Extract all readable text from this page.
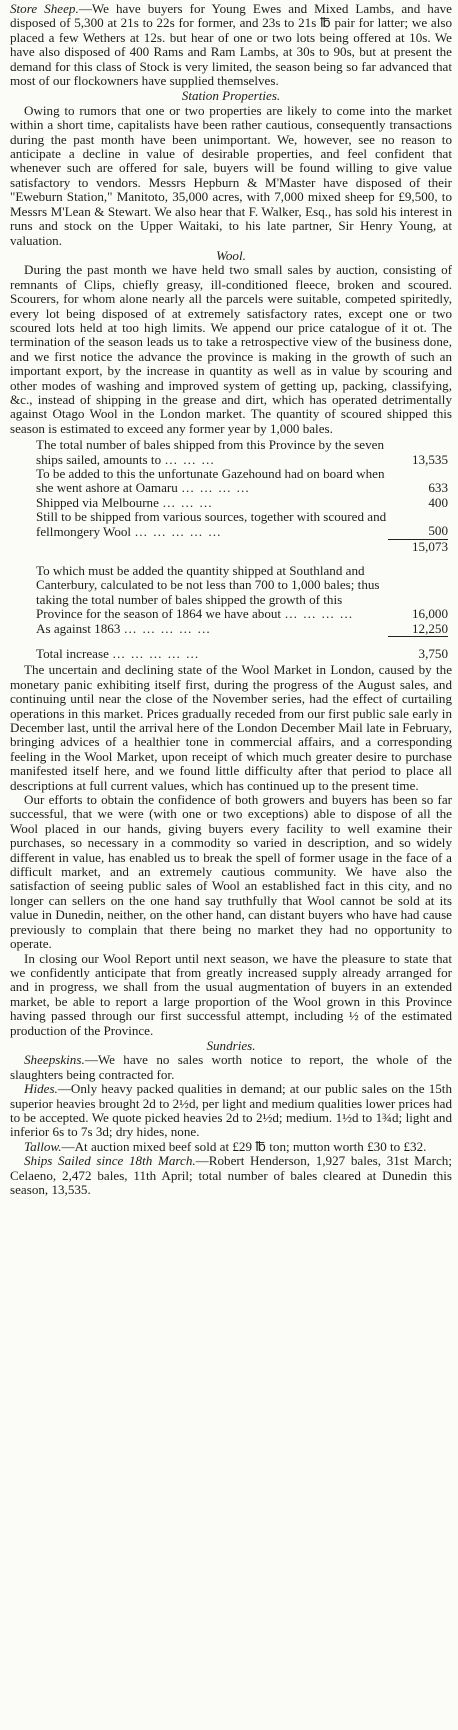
Store Sheep.—We have buyers for Young Ewes and Mixed Lambs, and have disposed of 5,300 at 21s to 22s for former, and 23s to 21s ℔ pair for latter; we also placed a few Wethers at 12s. but hear of one or two lots being offered at 10s. We have also disposed of 400 Rams and Ram Lambs, at 30s to 90s, but at present the demand for this class of Stock is very limited, the season being so far advanced that most of our flockowners have supplied themselves.

Station Properties.

Owing to rumors that one or two properties are likely to come into the market within a short time, capitalists have been rather cautious, consequently transactions during the past month have been unimportant. We, however, see no reason to anticipate a decline in value of desirable properties, and feel confident that whenever such are offered for sale, buyers will be found willing to give value satisfactory to vendors. Messrs Hepburn & M'Master have disposed of their "Eweburn Station," Manitoto, 35,000 acres, with 7,000 mixed sheep for £9,500, to Messrs M'Lean & Stewart. We also hear that F. Walker, Esq., has sold his interest in runs and stock on the Upper Waitaki, to his late partner, Sir Henry Young, at valuation.

Wool.

During the past month we have held two small sales by auction, consisting of remnants of Clips, chiefly greasy, ill-conditioned fleece, broken and scoured. Scourers, for whom alone nearly all the parcels were suitable, competed spiritedly, every lot being disposed of at extremely satisfactory rates, except one or two scoured lots held at too high limits. We append our price catalogue of it ot. The termination of the season leads us to take a retrospective view of the business done, and we first notice the advance the province is making in the growth of such an important export, by the increase in quantity as well as in value by scouring and other modes of washing and improved system of getting up, packing, classifying, &c., instead of shipping in the grease and dirt, which has operated detrimentally against Otago Wool in the London market. The quantity of scoured shipped this season is estimated to exceed any former year by 1,000 bales.

The total number of bales shipped from this Province by the seven ships sailed, amounts to … … …	13,535
To be added to this the unfortunate Gazehound had on board when she went ashore at Oamaru … … … …	633
Shipped via Melbourne … … …	400
Still to be shipped from various sources, together with scoured and fellmongery Wool … … … … …	500
	15,073

To which must be added the quantity shipped at Southland and Canterbury, calculated to be not less than 700 to 1,000 bales; thus taking the total number of bales shipped the growth of this Province for the season of 1864 we have about … … … …	16,000
As against 1863 … … … … …	12,250

Total increase … … … … …	3,750

The uncertain and declining state of the Wool Market in London, caused by the monetary panic exhibiting itself first, during the progress of the August sales, and continuing until near the close of the November series, had the effect of curtailing operations in this market. Prices gradually receded from our first public sale early in December last, until the arrival here of the London December Mail late in February, bringing advices of a healthier tone in commercial affairs, and a corresponding feeling in the Wool Market, upon receipt of which much greater desire to purchase manifested itself here, and we found little difficulty after that period to place all descriptions at full current values, which has continued up to the present time.

Our efforts to obtain the confidence of both growers and buyers has been so far successful, that we were (with one or two exceptions) able to dispose of all the Wool placed in our hands, giving buyers every facility to well examine their purchases, so necessary in a commodity so varied in description, and so widely different in value, has enabled us to break the spell of former usage in the face of a difficult market, and an extremely cautious community. We have also the satisfaction of seeing public sales of Wool an established fact in this city, and no longer can sellers on the one hand say truthfully that Wool cannot be sold at its value in Dunedin, neither, on the other hand, can distant buyers who have had cause previously to complain that there being no market they had no opportunity to operate.

In closing our Wool Report until next season, we have the pleasure to state that we confidently anticipate that from greatly increased supply already arranged for and in progress, we shall from the usual augmentation of buyers in an extended market, be able to report a large proportion of the Wool grown in this Province having passed through our first successful attempt, including ½ of the estimated production of the Province.

Sundries.

Sheepskins.—We have no sales worth notice to report, the whole of the slaughters being contracted for.

Hides.—Only heavy packed qualities in demand; at our public sales on the 15th superior heavies brought 2d to 2½d, per light and medium qualities lower prices had to be accepted. We quote picked heavies 2d to 2½d; medium. 1½d to 1¾d; light and inferior 6s to 7s 3d; dry hides, none.

Tallow.—At auction mixed beef sold at £29 ℔ ton; mutton worth £30 to £32.

Ships Sailed since 18th March.—Robert Henderson, 1,927 bales, 31st March; Celaeno, 2,472 bales, 11th April; total number of bales cleared at Dunedin this season, 13,535.
